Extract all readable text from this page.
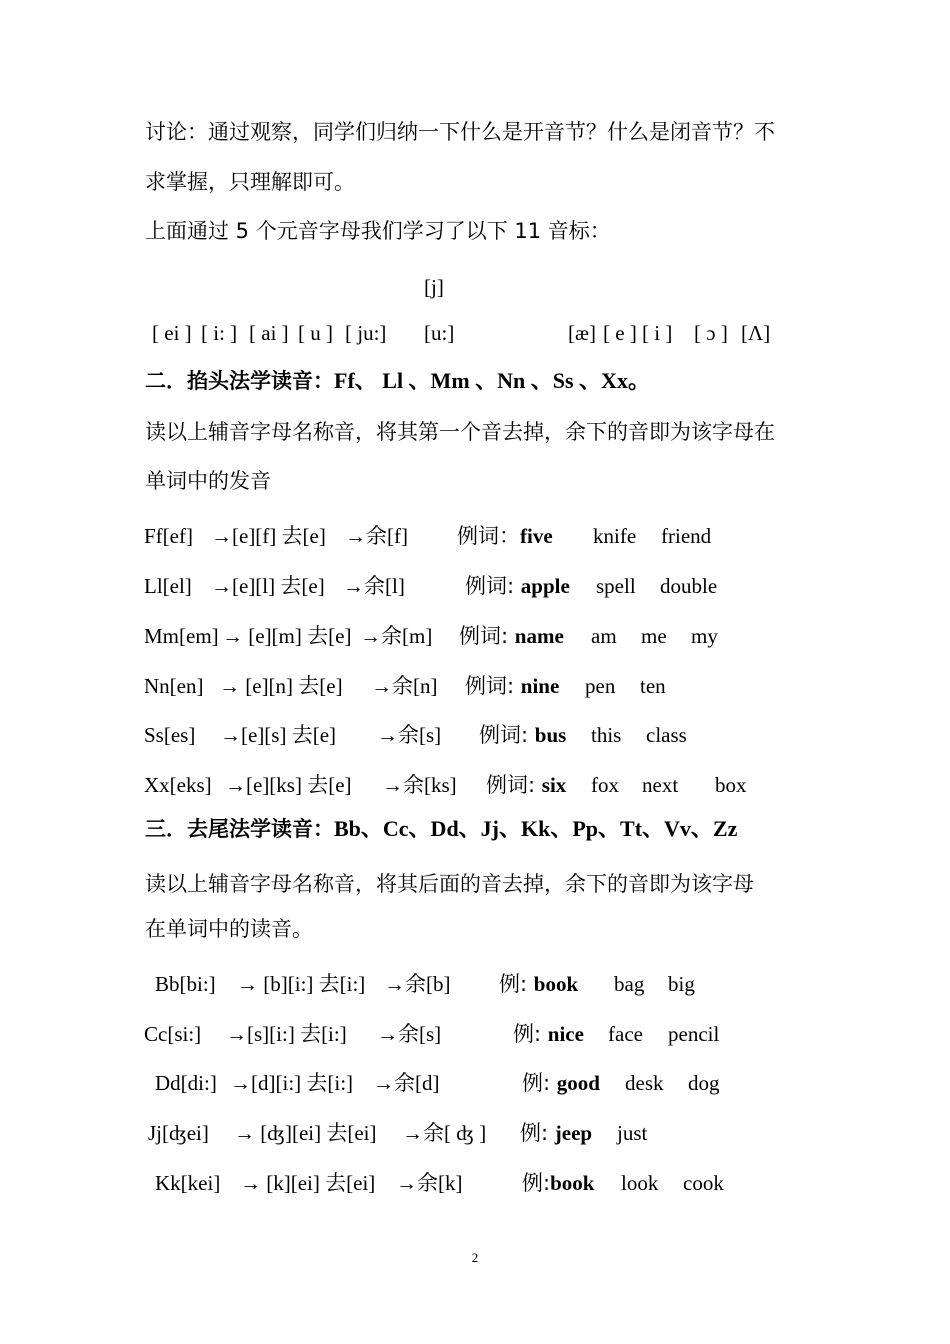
讨论：通过观察，同学们归纳一下什么是开音节？什么是闭音节？不
求掌握，只理解即可。
上面通过 5 个元音字母我们学习了以下 11 音标：
[j]
[ ei ] [ i: ] [ ai ] [ u ] [ ju:] [u:]	[æ] [ e ] [ i ] [ ɔ ] [Λ]
二．掐头法学读音：Ff、 Ll 、Mm 、Nn 、Ss 、Xx。
读以上辅音字母名称音，将其第一个音去掉，余下的音即为该字母在
单词中的发音
Ff[ef] →[e][f] 去[e] →余[f] 例词：five knife friend
Ll[el] →[e][l] 去[e] →余[l]	例词: apple spell double
Mm[em] → [e][m] 去[e] →余[m] 例词: name am me my
Nn[en] → [e][n] 去[e] →余[n] 例词: nine pen ten
Ss[es] →[e][s] 去[e] →余[s] 例词: bus this class
Xx[eks] →[e][ks] 去[e] →余[ks] 例词: six fox next box
三．去尾法学读音：Bb、Cc、Dd、Jj、Kk、Pp、Tt、Vv、Zz
读以上辅音字母名称音，将其后面的音去掉，余下的音即为该字母
在单词中的读音。
Bb[bi:] → [b][i:] 去[i:] →余[b] 例: book bag big
Cc[si:] →[s][i:] 去[i:] →余[s]	例: nice face pencil
Dd[di:] →[d][i:] 去[i:] →余[d]	例: good desk dog
Jj[ʤei] → [ʤ][ei] 去[ei] →余[ ʤ ] 例: jeep just
Kk[kei] → [k][ei] 去[ei] →余[k]	例:book look cook
2
